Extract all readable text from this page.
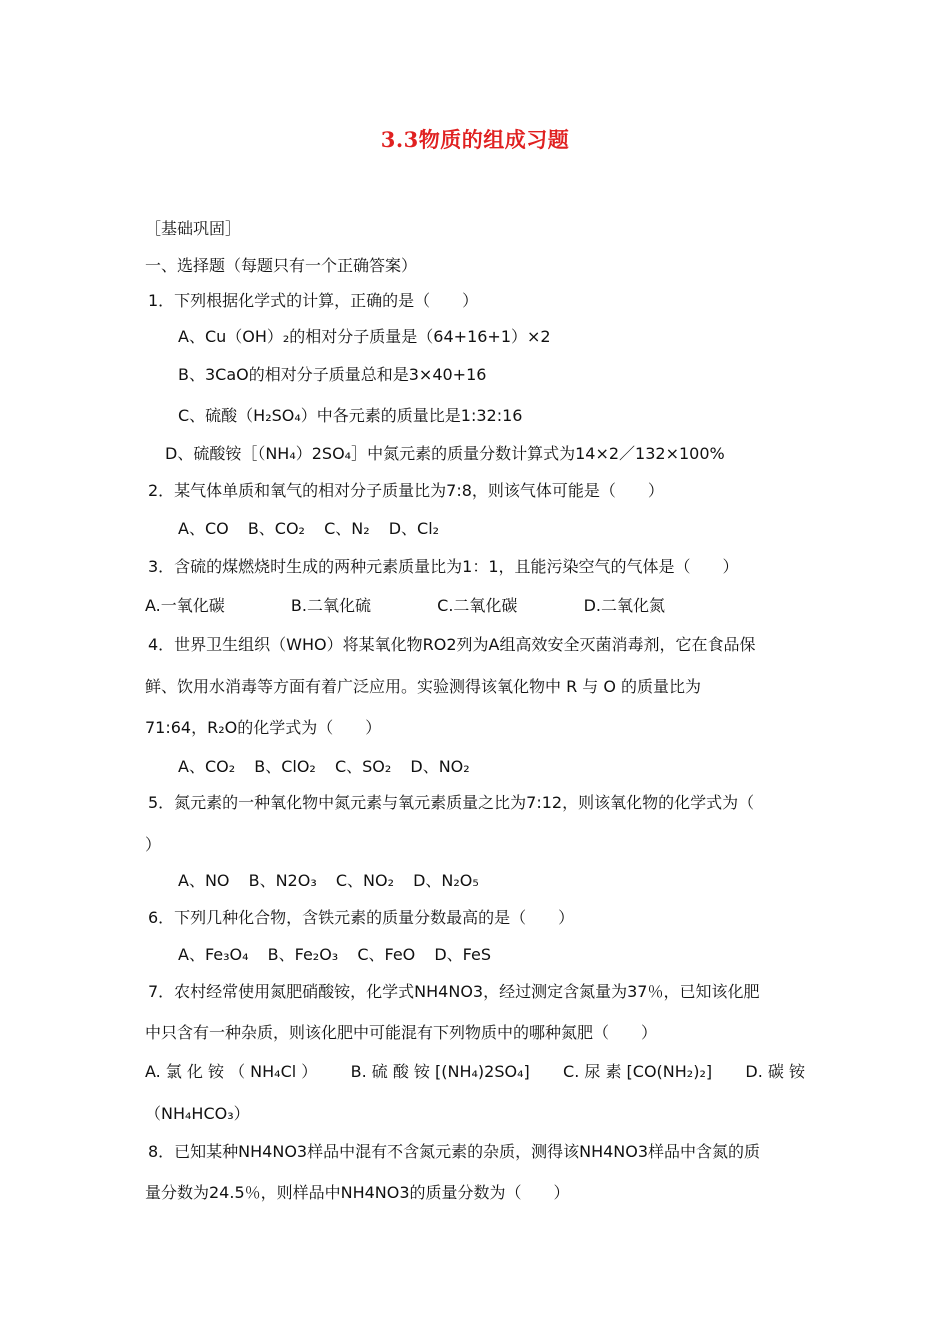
3.3物质的组成习题
［基础巩固］
一、选择题（每题只有一个正确答案）
1．下列根据化学式的计算，正确的是（　　）
A、Cu（OH）₂的相对分子质量是（64+16+1）×2
B、3CaO的相对分子质量总和是3×40+16
C、硫酸（H₂SO₄）中各元素的质量比是1:32:16
D、硫酸铵［（NH₄）2SO₄］中氮元素的质量分数计算式为14×2／132×100%
2．某气体单质和氧气的相对分子质量比为7:8，则该气体可能是（　　）
A、CO B、CO₂ C、N₂ D、Cl₂
3．含硫的煤燃烧时生成的两种元素质量比为1：1，且能污染空气的气体是（　　）
A.一氧化碳	B.二氧化硫	C.二氧化碳	D.二氧化氮
4．世界卫生组织（WHO）将某氧化物RO2列为A组高效安全灭菌消毒剂，它在食品保
鲜、饮用水消毒等方面有着广泛应用。实验测得该氧化物中 R 与 O 的质量比为
71:64，R₂O的化学式为（　　）
A、CO₂ B、ClO₂ C、SO₂ D、NO₂
5．氮元素的一种氧化物中氮元素与氧元素质量之比为7:12，则该氧化物的化学式为（
）
A、NO B、N2O₃ C、NO₂ D、N₂O₅
6．下列几种化合物，含铁元素的质量分数最高的是（　　）
A、Fe₃O₄ B、Fe₂O₃ C、FeO D、FeS
7．农村经常使用氮肥硝酸铵，化学式NH4NO3，经过测定含氮量为37％，已知该化肥
中只含有一种杂质，则该化肥中可能混有下列物质中的哪种氮肥（　　）
A. 氯 化 铵 （ NH₄Cl ） B. 硫 酸 铵 [(NH₄)2SO₄] C. 尿 素 [CO(NH₂)₂] D. 碳 铵
（NH₄HCO₃）
8．已知某种NH4NO3样品中混有不含氮元素的杂质，测得该NH4NO3样品中含氮的质
量分数为24.5％，则样品中NH4NO3的质量分数为（　　）
